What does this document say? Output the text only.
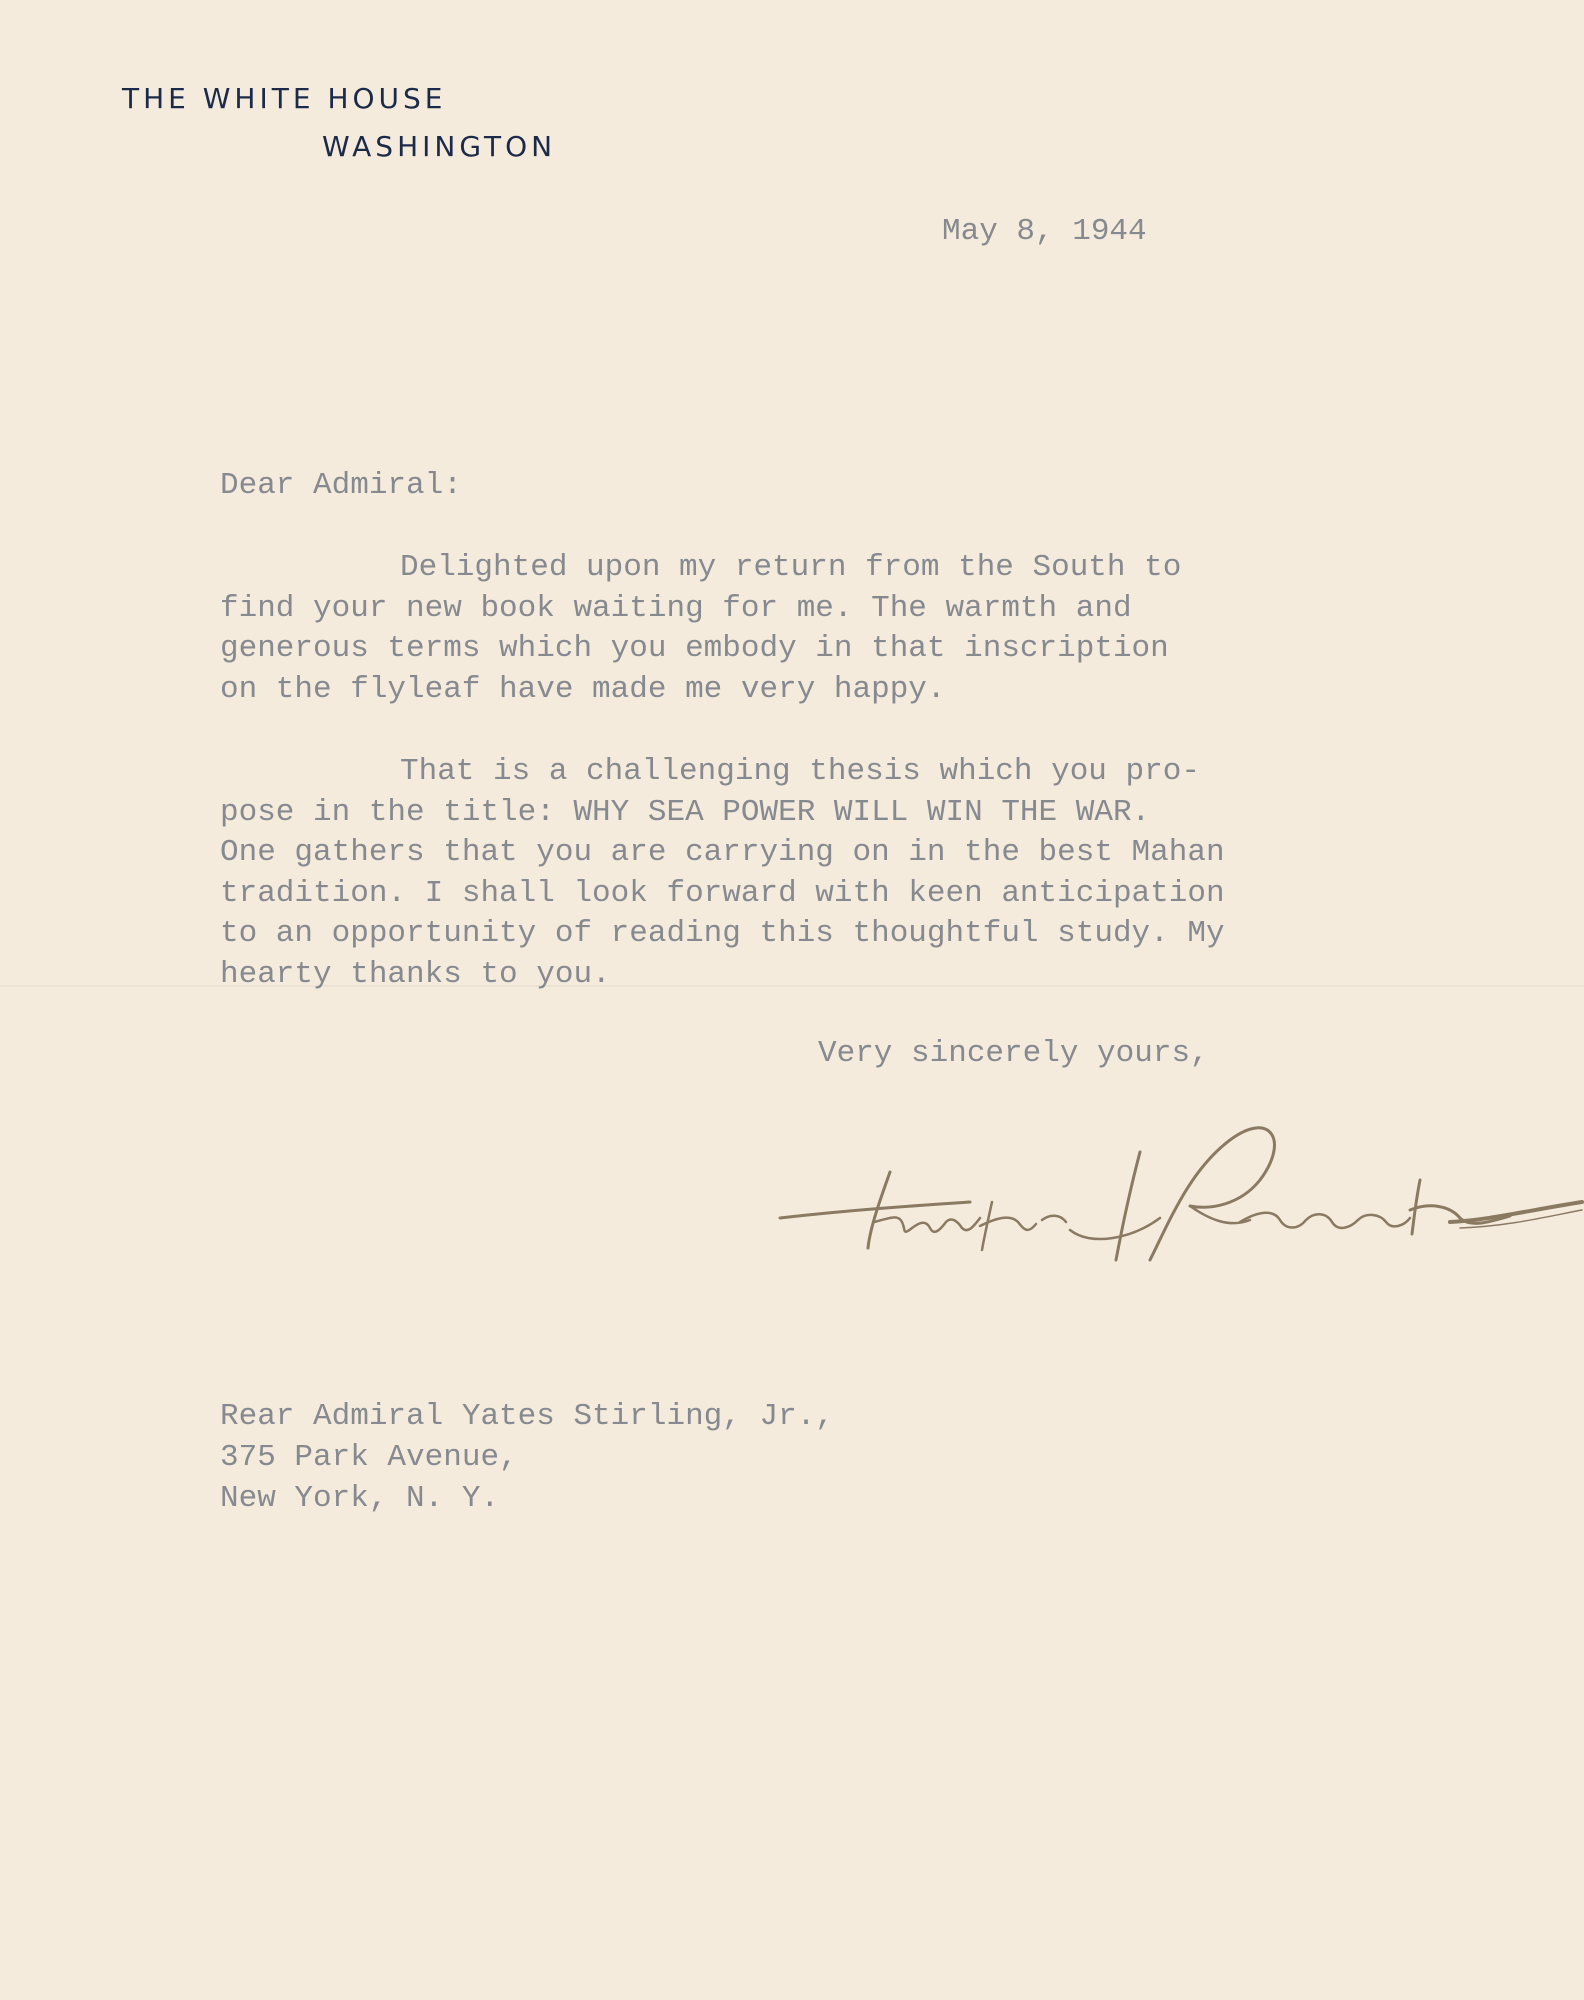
THE WHITE HOUSE
WASHINGTON
May 8, 1944
Dear Admiral:
Delighted upon my return from the South to
find your new book waiting for me. The warmth and
generous terms which you embody in that inscription
on the flyleaf have made me very happy.
That is a challenging thesis which you pro-
pose in the title: WHY SEA POWER WILL WIN THE WAR.
One gathers that you are carrying on in the best Mahan
tradition. I shall look forward with keen anticipation
to an opportunity of reading this thoughtful study. My
hearty thanks to you.
Very sincerely yours,
Rear Admiral Yates Stirling, Jr.,
375 Park Avenue,
New York, N. Y.
